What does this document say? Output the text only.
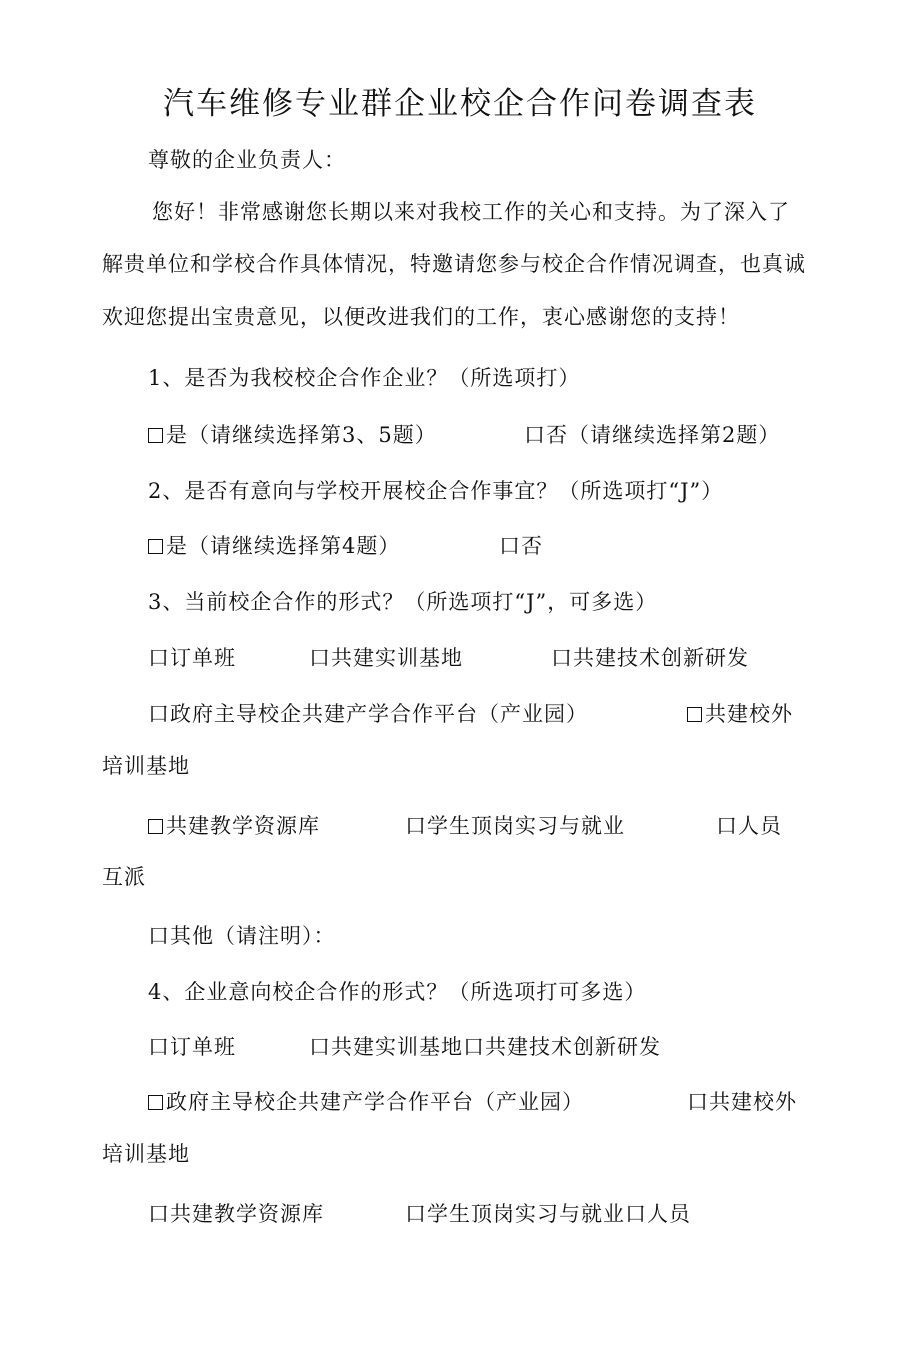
汽车维修专业群企业校企合作问卷调查表
尊敬的企业负责人：
您好！非常感谢您长期以来对我校工作的关心和支持。为了深入了
解贵单位和学校合作具体情况，特邀请您参与校企合作情况调查，也真诚
欢迎您提出宝贵意见，以便改进我们的工作，衷心感谢您的支持！
1、是否为我校校企合作企业？（所选项打）
是（请继续选择第3、5题）	口否（请继续选择第2题）
2、是否有意向与学校开展校企合作事宜？（所选项打“J”）
是（请继续选择第4题）	口否
3、当前校企合作的形式？（所选项打“J”，可多选）
口订单班	口共建实训基地	口共建技术创新研发
口政府主导校企共建产学合作平台（产业园）	共建校外
培训基地
共建教学资源库	口学生顶岗实习与就业	口人员
互派
口其他（请注明）：
4、企业意向校企合作的形式？（所选项打可多选）
口订单班	口共建实训基地口共建技术创新研发
政府主导校企共建产学合作平台（产业园）	口共建校外
培训基地
口共建教学资源库	口学生顶岗实习与就业口人员
